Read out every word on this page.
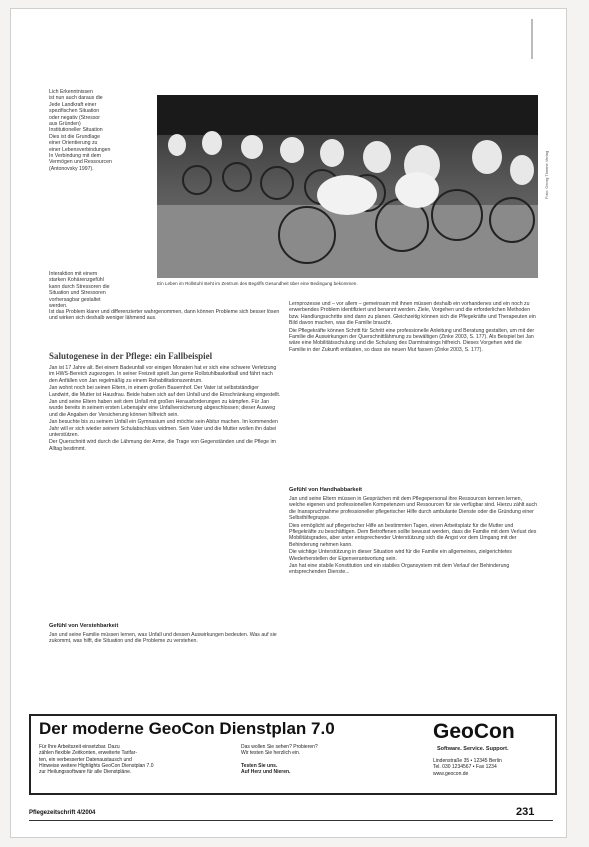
Lich Erkenntnissen
ist nun auch daraus die
Jede Landkraft einer
spezifischen Situation
oder negativ (Stressor
aus Gründen)
Institutioneller Situation
Dies ist die Grundlage
einer Orientierung zu
einer Lebensverbindungen
In Verbindung mit dem
Vermögen und Ressourcen
(Antonovsky 1997).
Interaktion mit einem
starken Kohärenzgefühl
kann durch Stressoren die
Situation und Stressoren
vorhersagbar gestaltet
werden.
Ist das Problem klarer und differenzierter wahrgenommen, dann können Probleme sich besser lösen und wirken sich deshalb weniger lähmend aus.
Salutogenese in der Pflege: ein Fallbeispiel

Jan ist 17 Jahre alt. Bei einem Badeunfall vor einigen Monaten hat er sich eine schwere Verletzung im HWS-Bereich zugezogen. In seiner Freizeit spielt Jan gerne Rollstuhlbasketball und fährt nach den Anfällen von Jan regelmäßig zu einem Rehabilitationszentrum.

Jan wohnt noch bei seinen Eltern, in einem großen Bauernhof. Der Vater ist selbstständiger Landwirt, die Mutter ist Hausfrau. Beide haben sich auf den Unfall und die Einschränkung eingestellt.

Jan und seine Eltern haben seit dem Unfall mit großen Herausforderungen zu kämpfen. Für Jan wurde bereits in seinem ersten Lebensjahr eine Unfallversicherung abgeschlossen; dieser Ausweg und die Angaben der Versicherung können hilfreich sein.

Jan besuchte bis zu seinem Unfall ein Gymnasium und möchte sein Abitur machen. Im kommenden Jahr will er sich wieder seinem Schulabschluss widmen. Sein Vater und die Mutter wollen ihn dabei unterstützen.

Der Querschnitt wird durch die Lähmung der Arme, die Trage von Gegenständen und die Pflege im Alltag bestimmt.

Gefühl von Verstehbarkeit
Jan und seine Familie müssen lernen, was Unfall und dessen Auswirkungen bedeuten. Was auf sie zukommt, was hilft, die Situation und die Probleme zu verstehen.
Ein Leben im Rollstuhl steht im Zentrum des Begriffs Gesundheit über eine Bedingung bekommen.
Foto: Georg Thieme Verlag

Lernprozesse und – vor allem – gemeinsam mit ihnen müssen deshalb ein vorhandenes und ein noch zu erwerbendes Problem identifiziert und benannt werden. Ziele, Vorgehen und die erforderlichen Methoden bzw. Handlungsschritte sind dann zu planen. Gleichzeitig können sich die Pflegekräfte und Therapeuten ein Bild davon machen, was die Familie braucht.

Die Pflegekräfte können Schritt für Schritt eine professionelle Anleitung und Beratung gestalten, um mit der Familie die Auswirkungen der Querschnittlähmung zu bewältigen (Zinke 2003, S. 177). Als Beispiel bei Jan wäre eine Mobilitätsschulung und die Schulung des Darmtrainings hilfreich. Dieses Vorgehen wird die Familie in der Zukunft entlasten, so dass sie neuen Mut fassen (Zinke 2003, S. 177).

Gefühl von Handhabbarkeit

Jan und seine Eltern müssen in Gesprächen mit dem Pflegepersonal ihre Ressourcen kennen lernen, welche eigenen und professionellen Kompetenzen und Ressourcen für sie verfügbar sind. Hierzu zählt auch die Inanspruchnahme professioneller pflegerischer Hilfe durch ambulante Dienste oder die Gründung einer Selbsthilfegruppe.

Dies ermöglicht auf pflegerischer Hilfe an bestimmten Tagen, einen Arbeitsplatz für die Mutter und Pflegekräfte zu beschäftigen. Dem Betroffenen sollte bewusst werden, dass die Familie mit dem Verlust des Mobilitätsgrades, aber unter entsprechender Unterstützung sich die Angst vor dem Umgang mit der Behinderung nehmen kann.

Die wichtige Unterstützung in dieser Situation wird für die Familie ein allgemeines, zielgerichtetes Wiederherstellen der Eigenverantwortung sein.

Jan hat eine stabile Konstitution und ein stabiles Organsystem mit dem Verlauf der Behinderung entsprechenden Dienste...

Der moderne GeoCon Dienstplan 7.0	GeoCon
Software. Service. Support.
Für Ihre Arbeitszeit einsetzbar. Dazu
zählen flexible Zeitkonten, erweiterte Tarifar-
ten, ein verbesserter Datenaustausch und
Hinweise weitere Highlights GeoCon Dienstplan 7.0
zur Heilungssoftware für alle Dienstpläne.
Das wollen Sie sehen? Probieren?
Wir testen Sie herzlich ein.

Testen Sie uns.
Auf Herz und Nieren.
Lindenstraße 35 • 12345 Berlin
Tel. 030 1234567 • Fax 1234
www.geocon.de
Pflegezeitschrift 4/2004	231
